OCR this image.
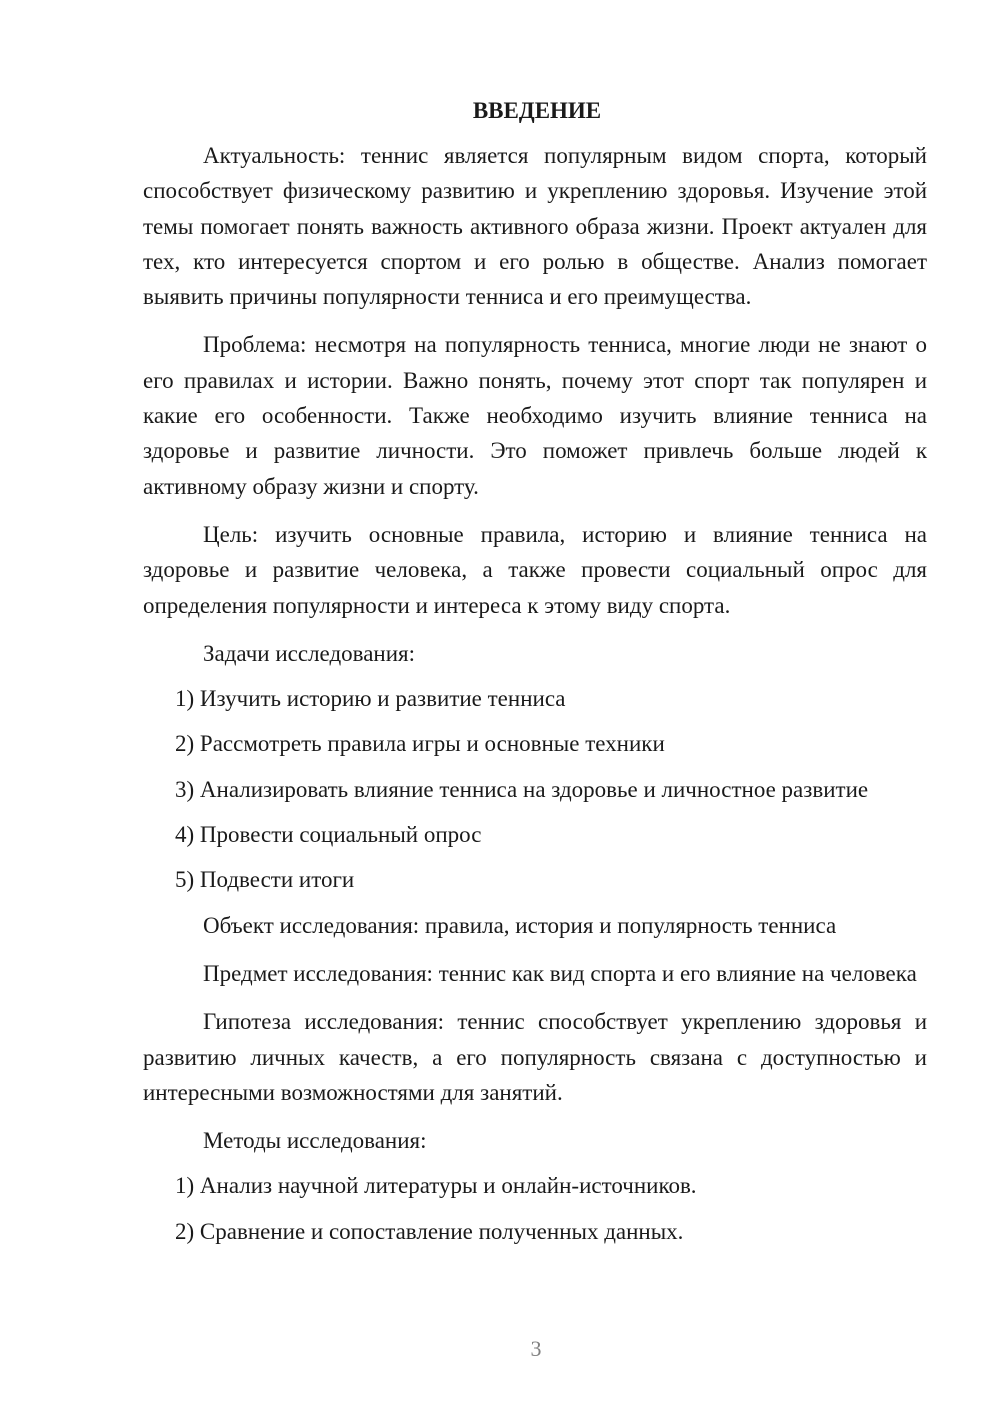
ВВЕДЕНИЕ

Актуальность: теннис является популярным видом спорта, который способствует физическому развитию и укреплению здоровья. Изучение этой темы помогает понять важность активного образа жизни. Проект актуален для тех, кто интересуется спортом и его ролью в обществе. Анализ помогает выявить причины популярности тенниса и его преимущества.

Проблема: несмотря на популярность тенниса, многие люди не знают о его правилах и истории. Важно понять, почему этот спорт так популярен и какие его особенности. Также необходимо изучить влияние тенниса на здоровье и развитие личности. Это поможет привлечь больше людей к активному образу жизни и спорту.

Цель: изучить основные правила, историю и влияние тенниса на здоровье и развитие человека, а также провести социальный опрос для определения популярности и интереса к этому виду спорта.

Задачи исследования:

1) Изучить историю и развитие тенниса

2) Рассмотреть правила игры и основные техники

3) Анализировать влияние тенниса на здоровье и личностное развитие

4) Провести социальный опрос

5) Подвести итоги

Объект исследования: правила, история и популярность тенниса

Предмет исследования: теннис как вид спорта и его влияние на человека

Гипотеза исследования: теннис способствует укреплению здоровья и развитию личных качеств, а его популярность связана с доступностью и интересными возможностями для занятий.

Методы исследования:

1) Анализ научной литературы и онлайн-источников.

2) Сравнение и сопоставление полученных данных.

3
